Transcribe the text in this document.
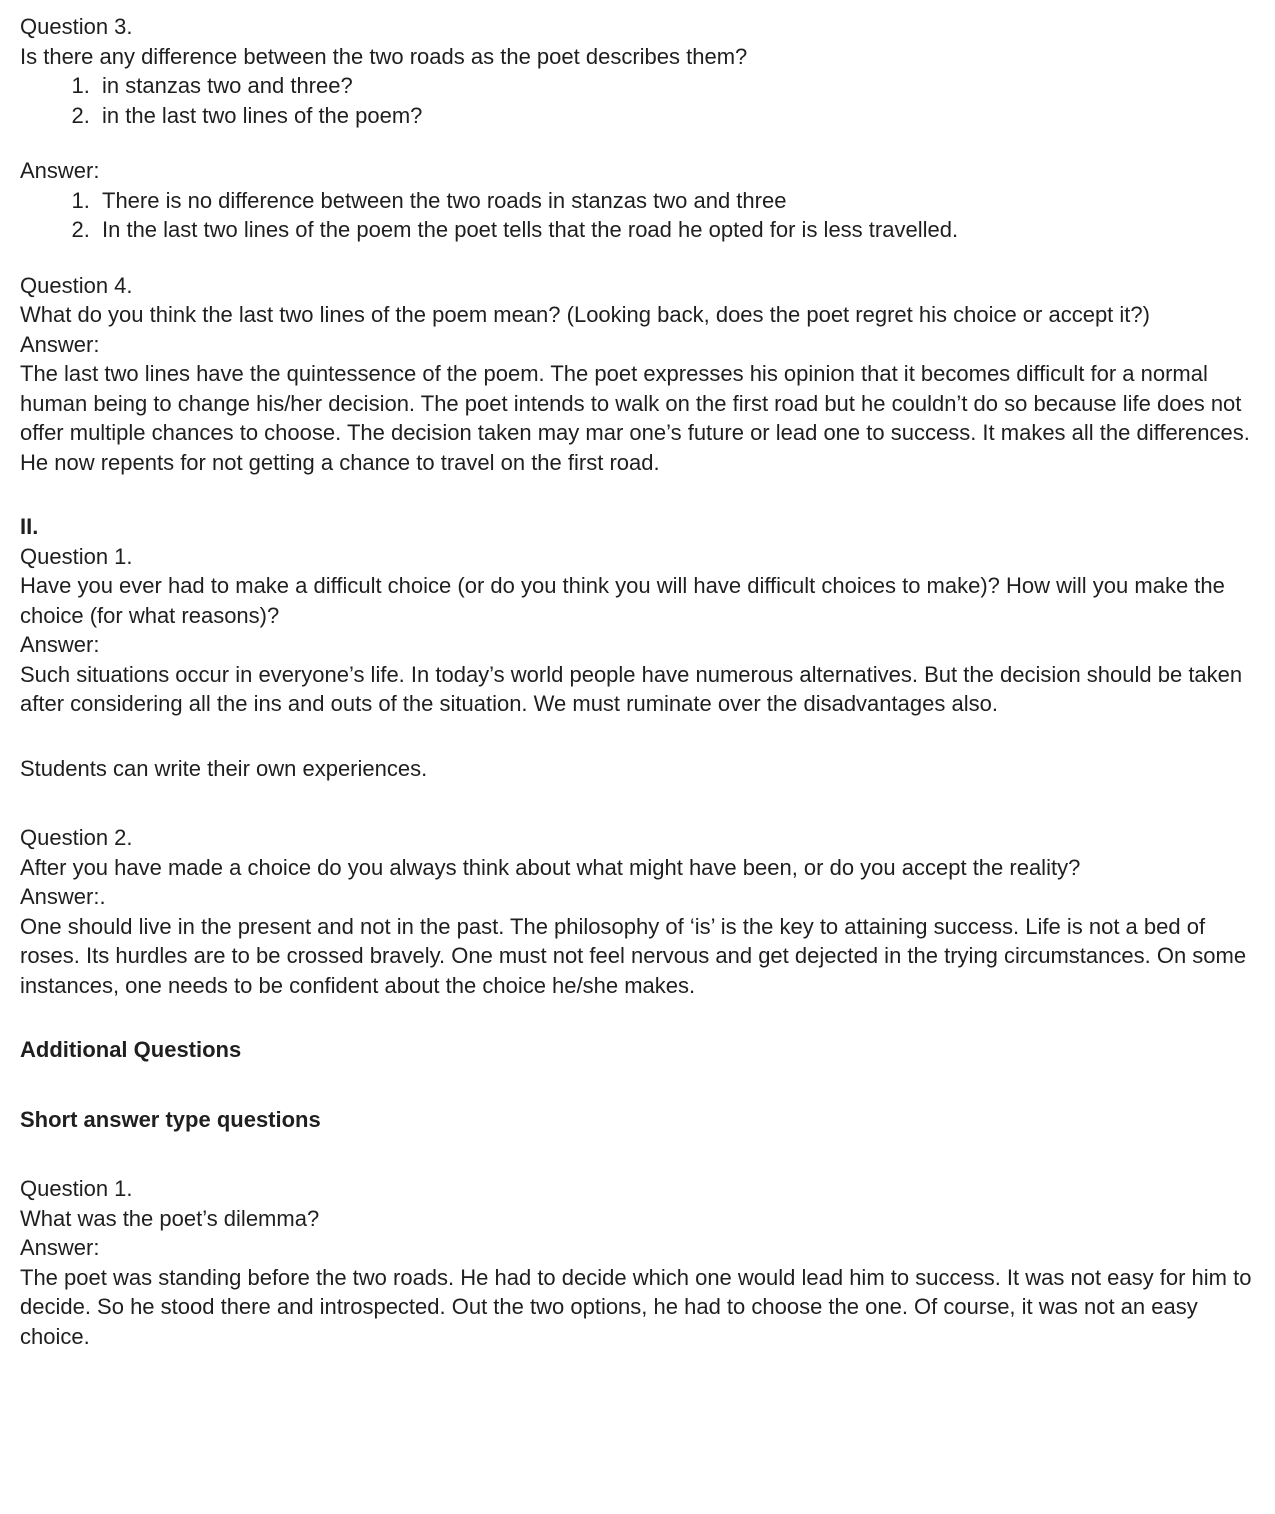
Question 3.
Is there any difference between the two roads as the poet describes them?
1. in stanzas two and three?
2. in the last two lines of the poem?
Answer:
1. There is no difference between the two roads in stanzas two and three
2. In the last two lines of the poem the poet tells that the road he opted for is less travelled.
Question 4.
What do you think the last two lines of the poem mean? (Looking back, does the poet regret his choice or accept it?)
Answer:
The last two lines have the quintessence of the poem. The poet expresses his opinion that it becomes difficult for a normal human being to change his/her decision. The poet intends to walk on the first road but he couldn’t do so because life does not offer multiple chances to choose. The decision taken may mar one’s future or lead one to success. It makes all the differences. He now repents for not getting a chance to travel on the first road.
II.
Question 1.
Have you ever had to make a difficult choice (or do you think you will have difficult choices to make)? How will you make the choice (for what reasons)?
Answer:
Such situations occur in everyone’s life. In today’s world people have numerous alternatives. But the decision should be taken after considering all the ins and outs of the situation. We must ruminate over the disadvantages also.
Students can write their own experiences.
Question 2.
After you have made a choice do you always think about what might have been, or do you accept the reality?
Answer:.
One should live in the present and not in the past. The philosophy of ‘is’ is the key to attaining success. Life is not a bed of roses. Its hurdles are to be crossed bravely. One must not feel nervous and get dejected in the trying circumstances. On some instances, one needs to be confident about the choice he/she makes.
Additional Questions
Short answer type questions
Question 1.
What was the poet’s dilemma?
Answer:
The poet was standing before the two roads. He had to decide which one would lead him to success. It was not easy for him to decide. So he stood there and introspected. Out the two options, he had to choose the one. Of course, it was not an easy choice.
